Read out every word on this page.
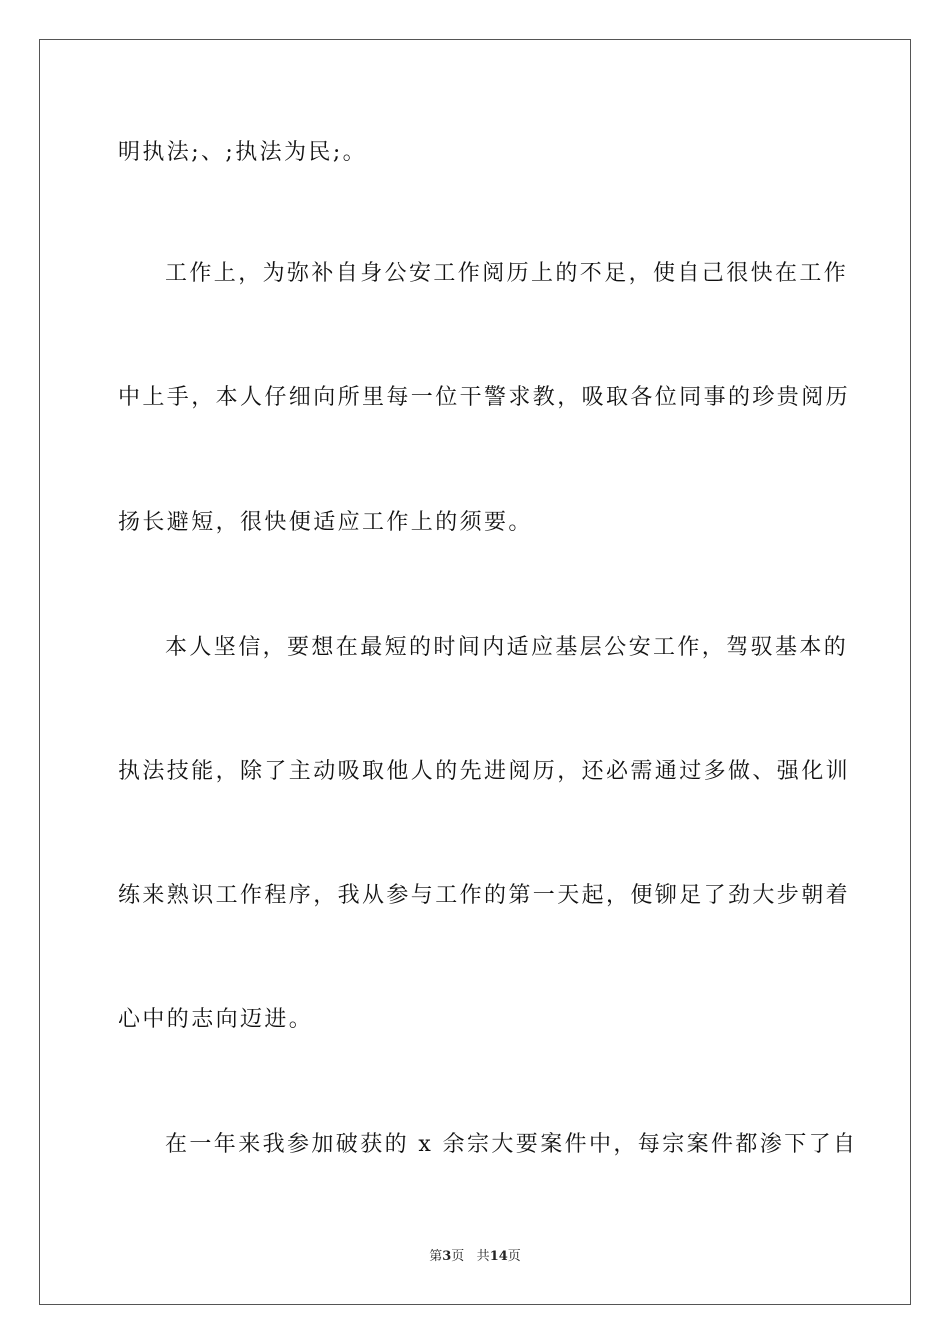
明执法;、;执法为民;。
工作上，为弥补自身公安工作阅历上的不足，使自己很快在工作
中上手，本人仔细向所里每一位干警求教，吸取各位同事的珍贵阅历
扬长避短，很快便适应工作上的须要。
本人坚信，要想在最短的时间内适应基层公安工作，驾驭基本的
执法技能，除了主动吸取他人的先进阅历，还必需通过多做、强化训
练来熟识工作程序，我从参与工作的第一天起，便铆足了劲大步朝着
心中的志向迈进。
在一年来我参加破获的 x 余宗大要案件中，每宗案件都渗下了自
第3页 共14页
